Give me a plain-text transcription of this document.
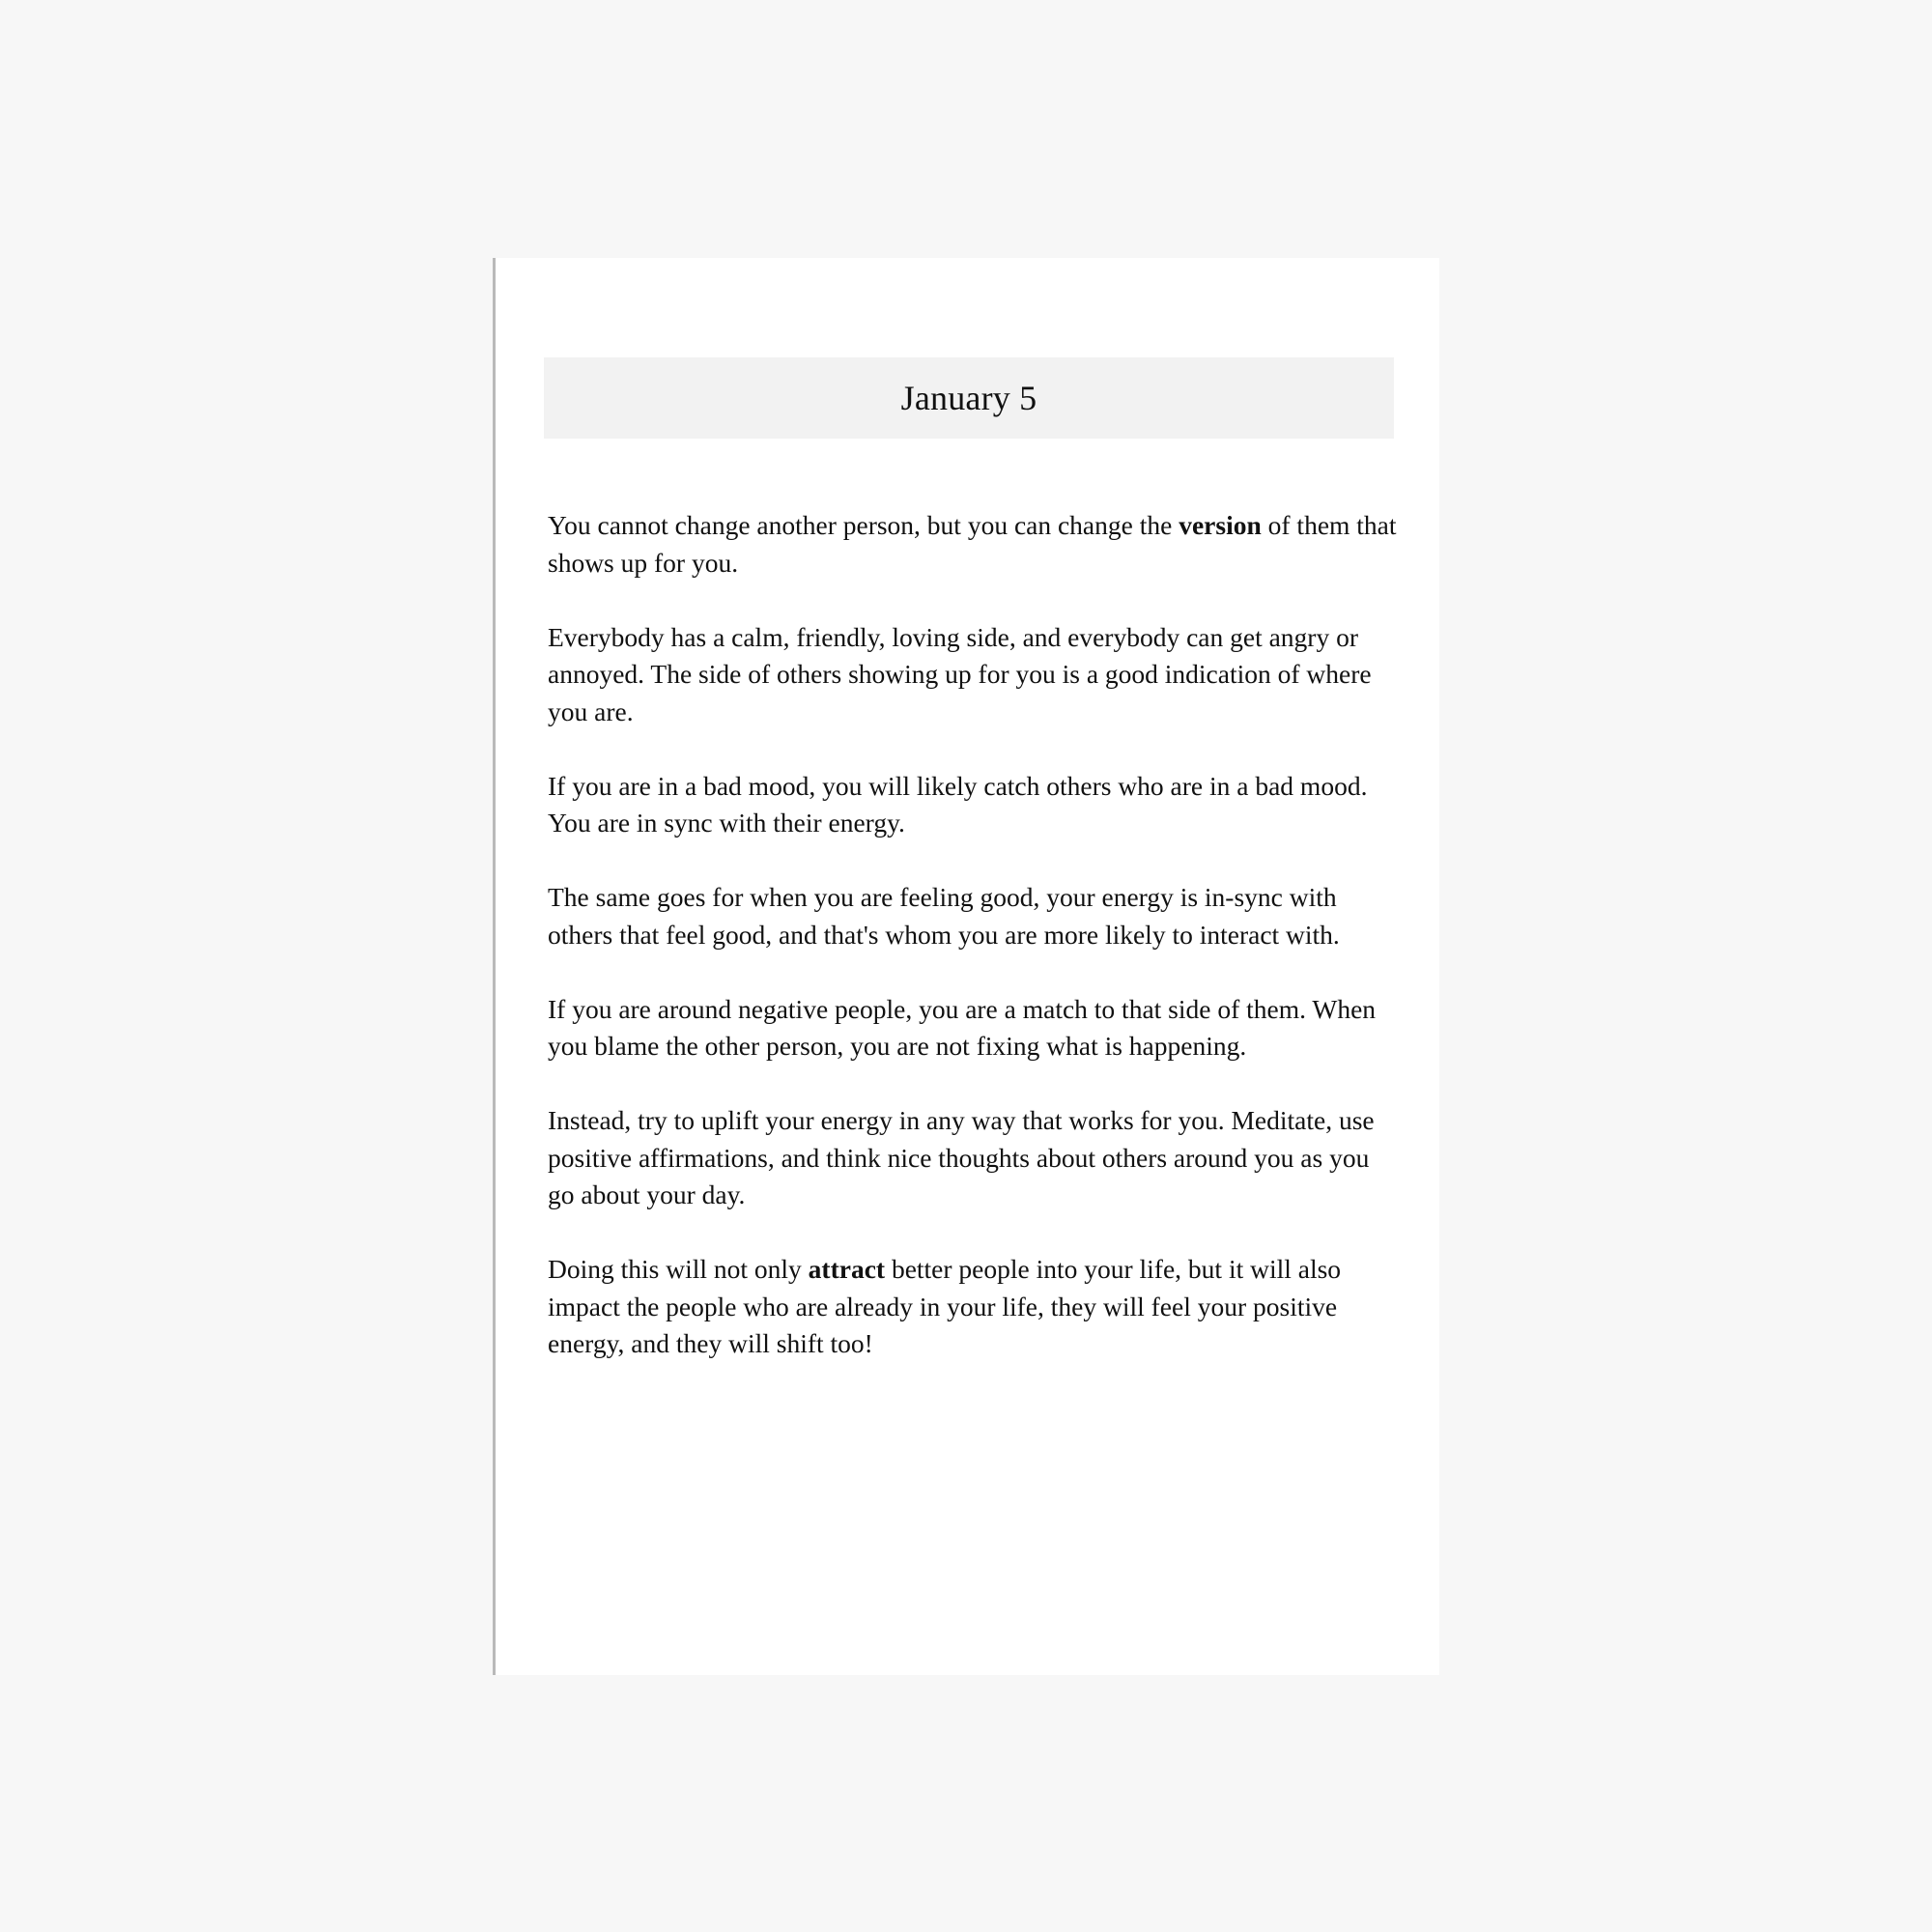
January 5

You cannot change another person, but you can change the version of them that shows up for you.

Everybody has a calm, friendly, loving side, and everybody can get angry or annoyed. The side of others showing up for you is a good indication of where you are.

If you are in a bad mood, you will likely catch others who are in a bad mood. You are in sync with their energy.

The same goes for when you are feeling good, your energy is in-sync with others that feel good, and that's whom you are more likely to interact with.

If you are around negative people, you are a match to that side of them. When you blame the other person, you are not fixing what is happening.

Instead, try to uplift your energy in any way that works for you. Meditate, use positive affirmations, and think nice thoughts about others around you as you go about your day.

Doing this will not only attract better people into your life, but it will also impact the people who are already in your life, they will feel your positive energy, and they will shift too!
